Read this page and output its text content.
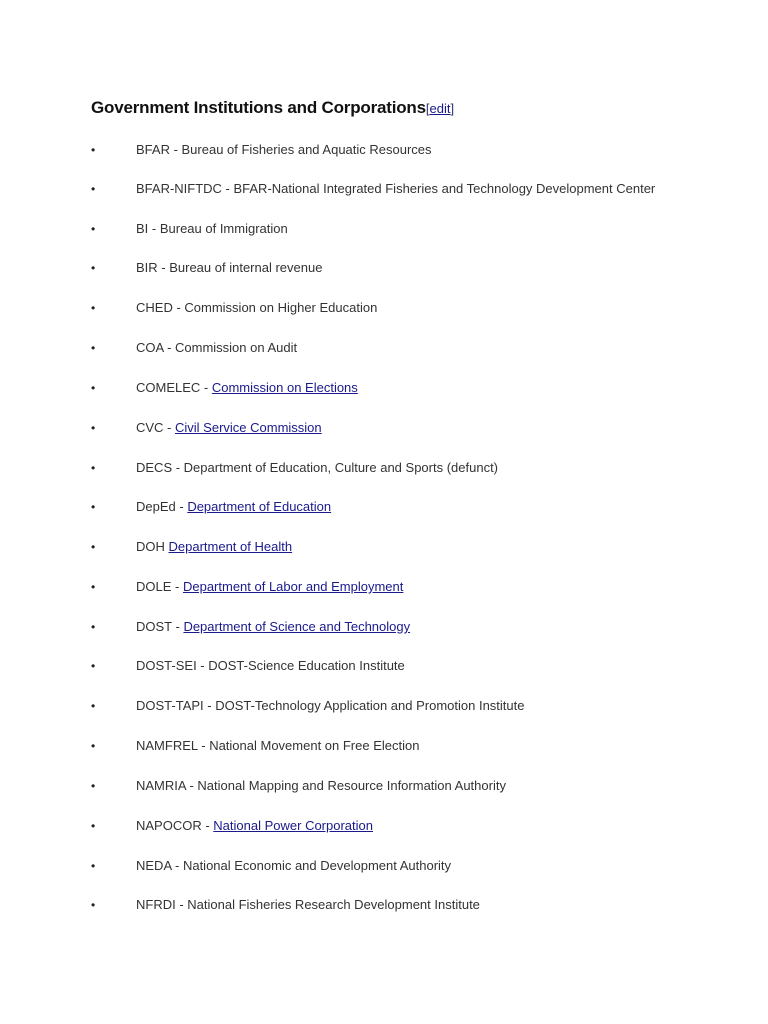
Government Institutions and Corporations[edit]
•	BFAR - Bureau of Fisheries and Aquatic Resources
•	BFAR-NIFTDC - BFAR-National Integrated Fisheries and Technology Development Center
•	BI - Bureau of Immigration
•	BIR - Bureau of internal revenue
•	CHED - Commission on Higher Education
•	COA - Commission on Audit
•	COMELEC - Commission on Elections
•	CVC - Civil Service Commission
•	DECS - Department of Education, Culture and Sports (defunct)
•	DepEd - Department of Education
•	DOH Department of Health
•	DOLE - Department of Labor and Employment
•	DOST - Department of Science and Technology
•	DOST-SEI - DOST-Science Education Institute
•	DOST-TAPI - DOST-Technology Application and Promotion Institute
•	NAMFREL - National Movement on Free Election
•	NAMRIA - National Mapping and Resource Information Authority
•	NAPOCOR - National Power Corporation
•	NEDA - National Economic and Development Authority
•	NFRDI - National Fisheries Research Development Institute
